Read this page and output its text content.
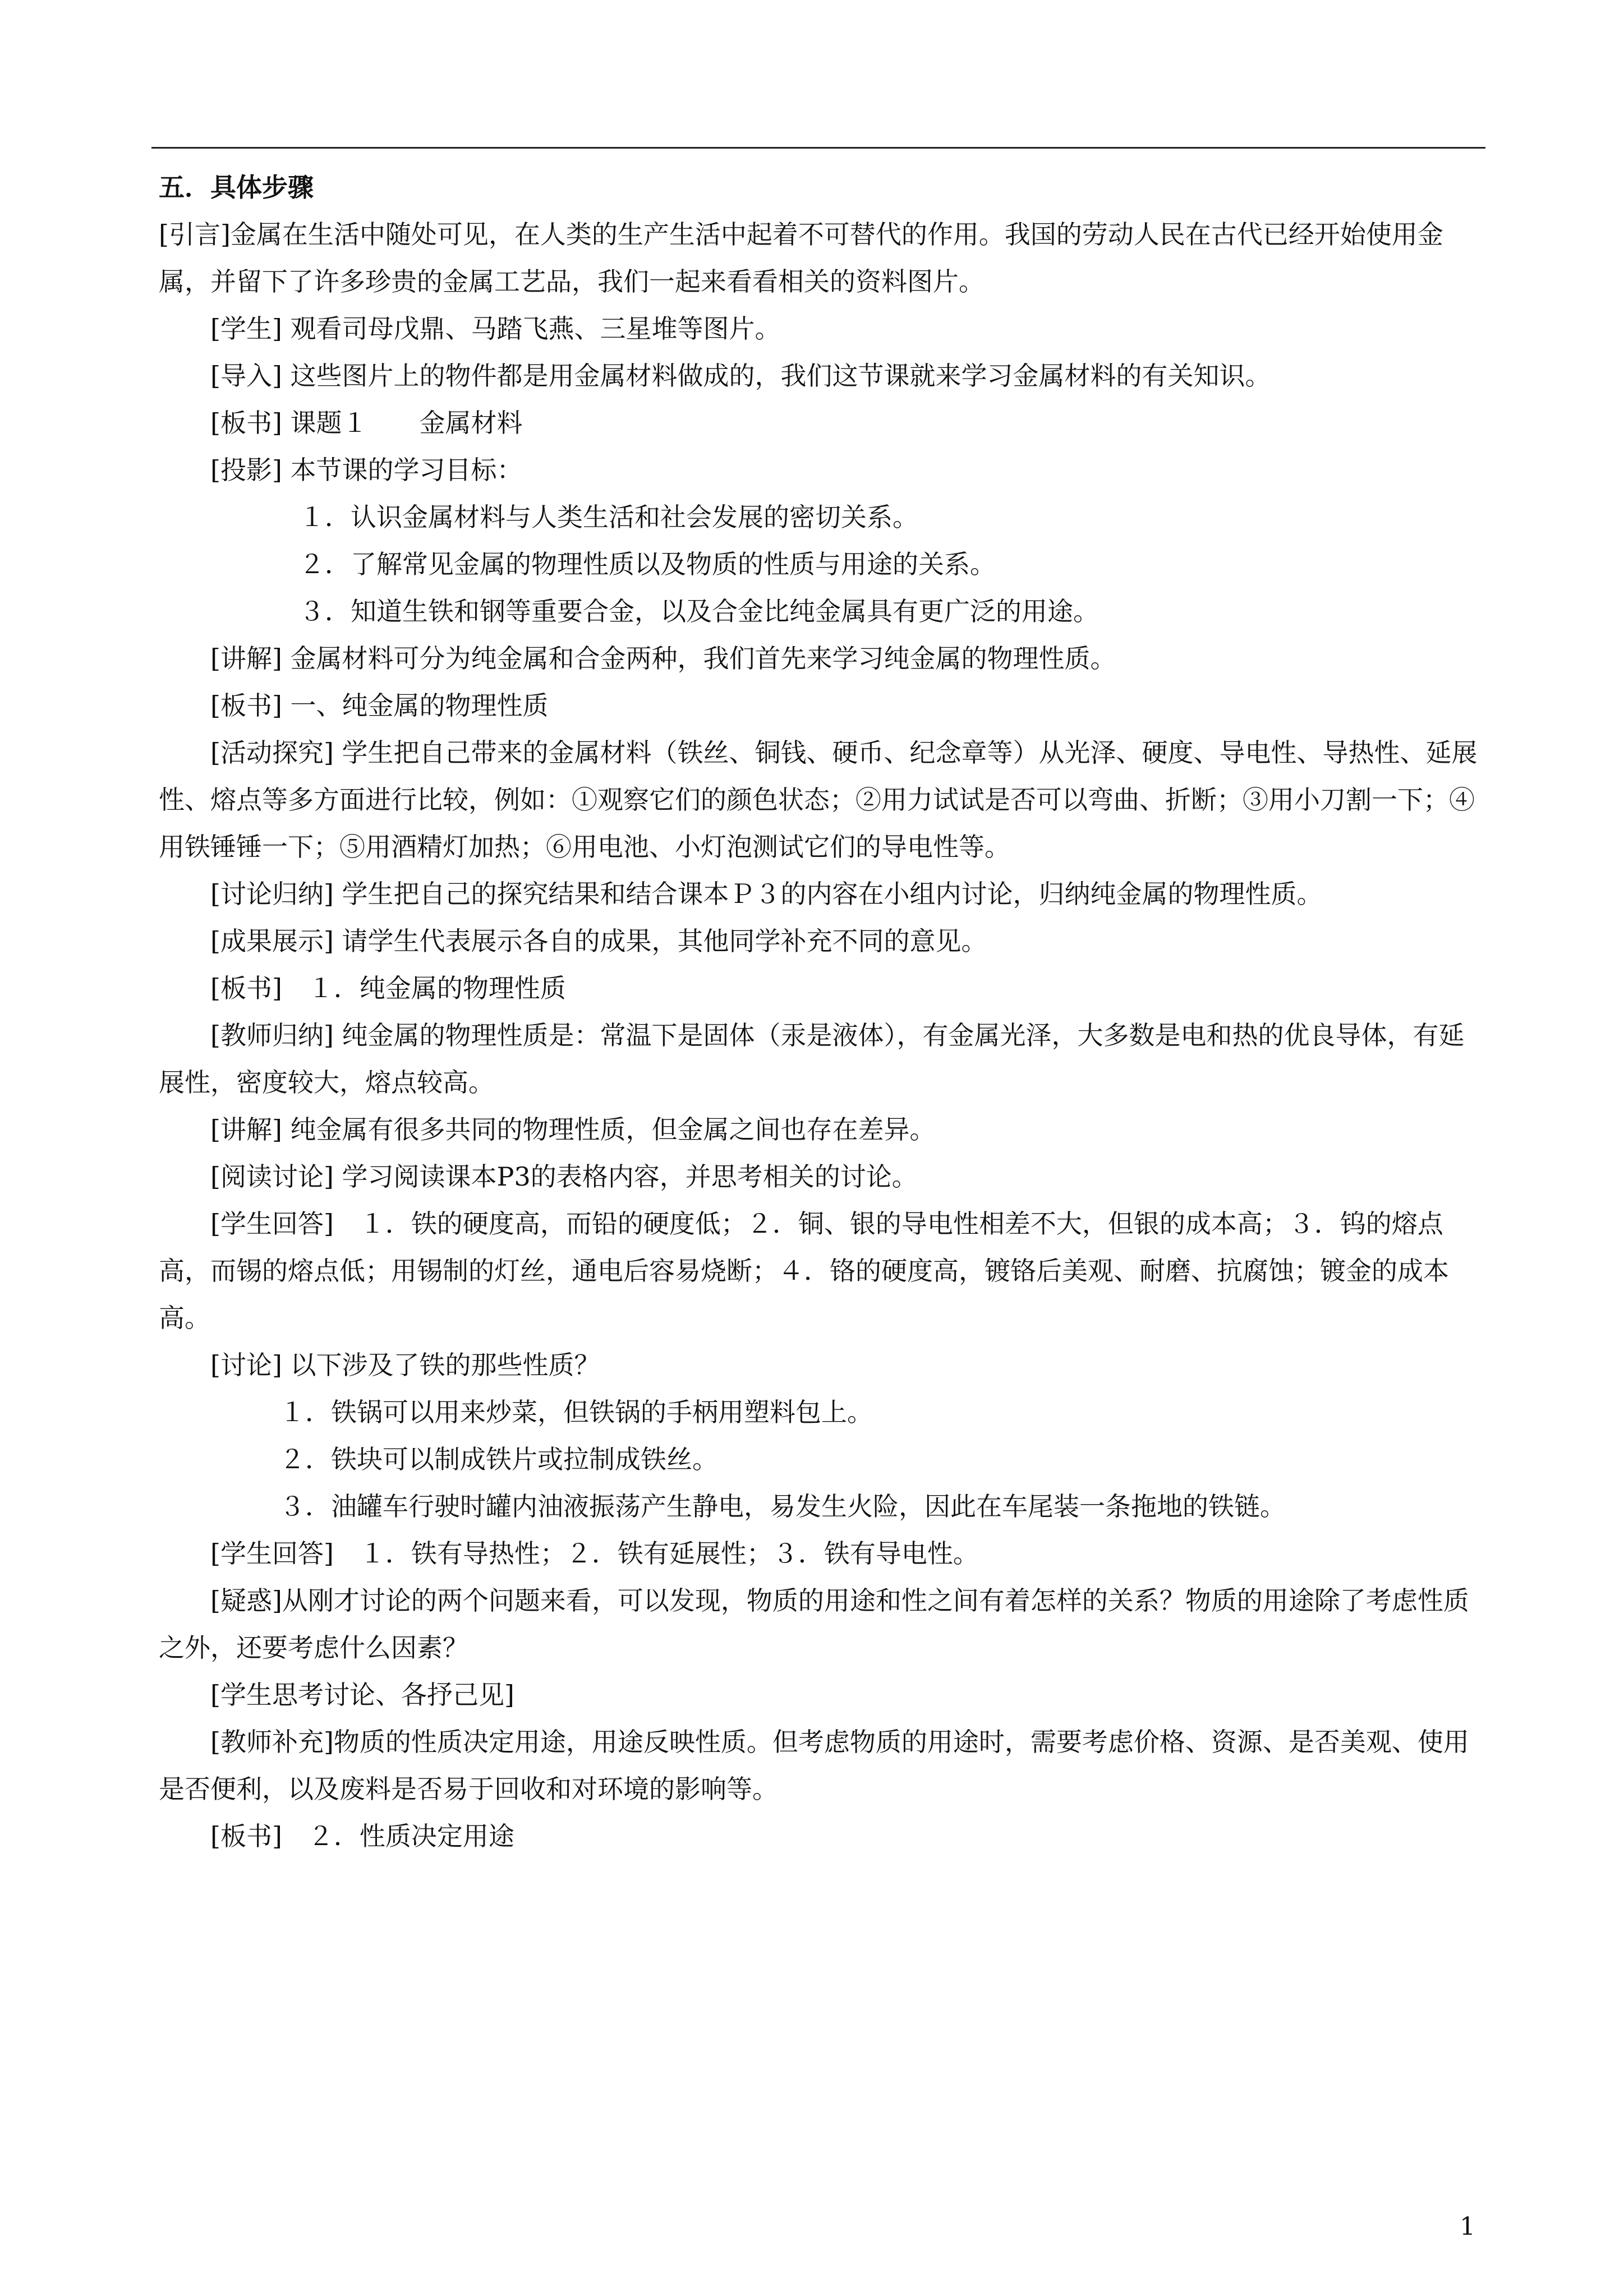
五．具体步骤

[引言]金属在生活中随处可见，在人类的生产生活中起着不可替代的作用。我国的劳动人民在古代已经开始使用金属，并留下了许多珍贵的金属工艺品，我们一起来看看相关的资料图片。

[学生] 观看司母戊鼎、马踏飞燕、三星堆等图片。

[导入] 这些图片上的物件都是用金属材料做成的，我们这节课就来学习金属材料的有关知识。

[板书] 课题１　　金属材料

[投影] 本节课的学习目标：

１．认识金属材料与人类生活和社会发展的密切关系。

２．了解常见金属的物理性质以及物质的性质与用途的关系。

３．知道生铁和钢等重要合金，以及合金比纯金属具有更广泛的用途。

[讲解] 金属材料可分为纯金属和合金两种，我们首先来学习纯金属的物理性质。

[板书] 一、纯金属的物理性质

[活动探究] 学生把自己带来的金属材料（铁丝、铜钱、硬币、纪念章等）从光泽、硬度、导电性、导热性、延展性、熔点等多方面进行比较，例如：①观察它们的颜色状态；②用力试试是否可以弯曲、折断；③用小刀割一下；④用铁锤锤一下；⑤用酒精灯加热；⑥用电池、小灯泡测试它们的导电性等。

[讨论归纳] 学生把自己的探究结果和结合课本Ｐ３的内容在小组内讨论，归纳纯金属的物理性质。

[成果展示] 请学生代表展示各自的成果，其他同学补充不同的意见。

[板书]　１．纯金属的物理性质

[教师归纳] 纯金属的物理性质是：常温下是固体（汞是液体），有金属光泽，大多数是电和热的优良导体，有延展性，密度较大，熔点较高。

[讲解] 纯金属有很多共同的物理性质，但金属之间也存在差异。

[阅读讨论] 学习阅读课本P3的表格内容，并思考相关的讨论。

[学生回答]　１．铁的硬度高，而铅的硬度低；２．铜、银的导电性相差不大，但银的成本高；３．钨的熔点高，而锡的熔点低；用锡制的灯丝，通电后容易烧断；４．铬的硬度高，镀铬后美观、耐磨、抗腐蚀；镀金的成本高。

[讨论] 以下涉及了铁的那些性质？

１．铁锅可以用来炒菜，但铁锅的手柄用塑料包上。

２．铁块可以制成铁片或拉制成铁丝。

３．油罐车行驶时罐内油液振荡产生静电，易发生火险，因此在车尾装一条拖地的铁链。

[学生回答]　１．铁有导热性；２．铁有延展性；３．铁有导电性。

[疑惑]从刚才讨论的两个问题来看，可以发现，物质的用途和性之间有着怎样的关系？物质的用途除了考虑性质之外，还要考虑什么因素？

[学生思考讨论、各抒己见]

[教师补充]物质的性质决定用途，用途反映性质。但考虑物质的用途时，需要考虑价格、资源、是否美观、使用是否便利，以及废料是否易于回收和对环境的影响等。

[板书]　２．性质决定用途

1
